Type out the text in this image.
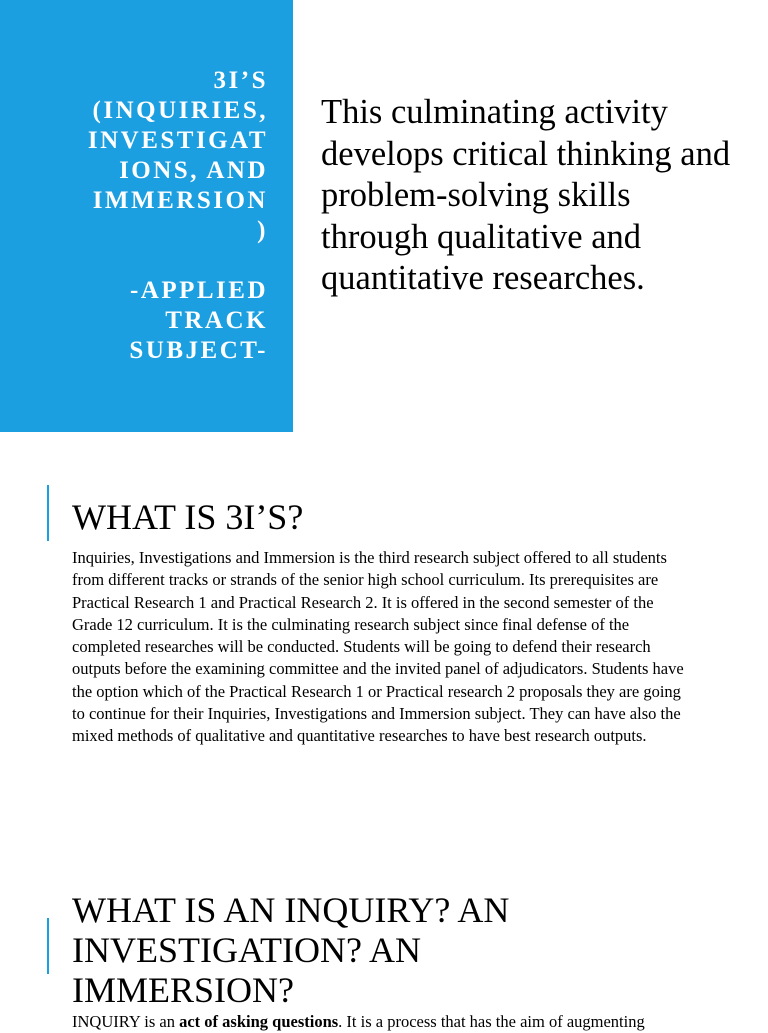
3I’S
(INQUIRIES,
INVESTIGAT
IONS, AND
IMMERSION
)
-APPLIED
TRACK
SUBJECT-
This culminating activity develops critical thinking and problem-solving skills through qualitative and quantitative researches.
WHAT IS 3I’S?
Inquiries, Investigations and Immersion is the third research subject offered to all students from different tracks or strands of the senior high school curriculum. Its prerequisites are Practical Research 1 and Practical Research 2. It is offered in the second semester of the Grade 12 curriculum. It is the culminating research subject since final defense of the completed researches will be conducted. Students will be going to defend their research outputs before the examining committee and the invited panel of adjudicators. Students have the option which of the Practical Research 1 or Practical research 2 proposals they are going to continue for their Inquiries, Investigations and Immersion subject. They can have also the mixed methods of qualitative and quantitative researches to have best research outputs.
WHAT IS AN INQUIRY? AN
INVESTIGATION? AN
IMMERSION?
INQUIRY is an act of asking questions. It is a process that has the aim of augmenting
